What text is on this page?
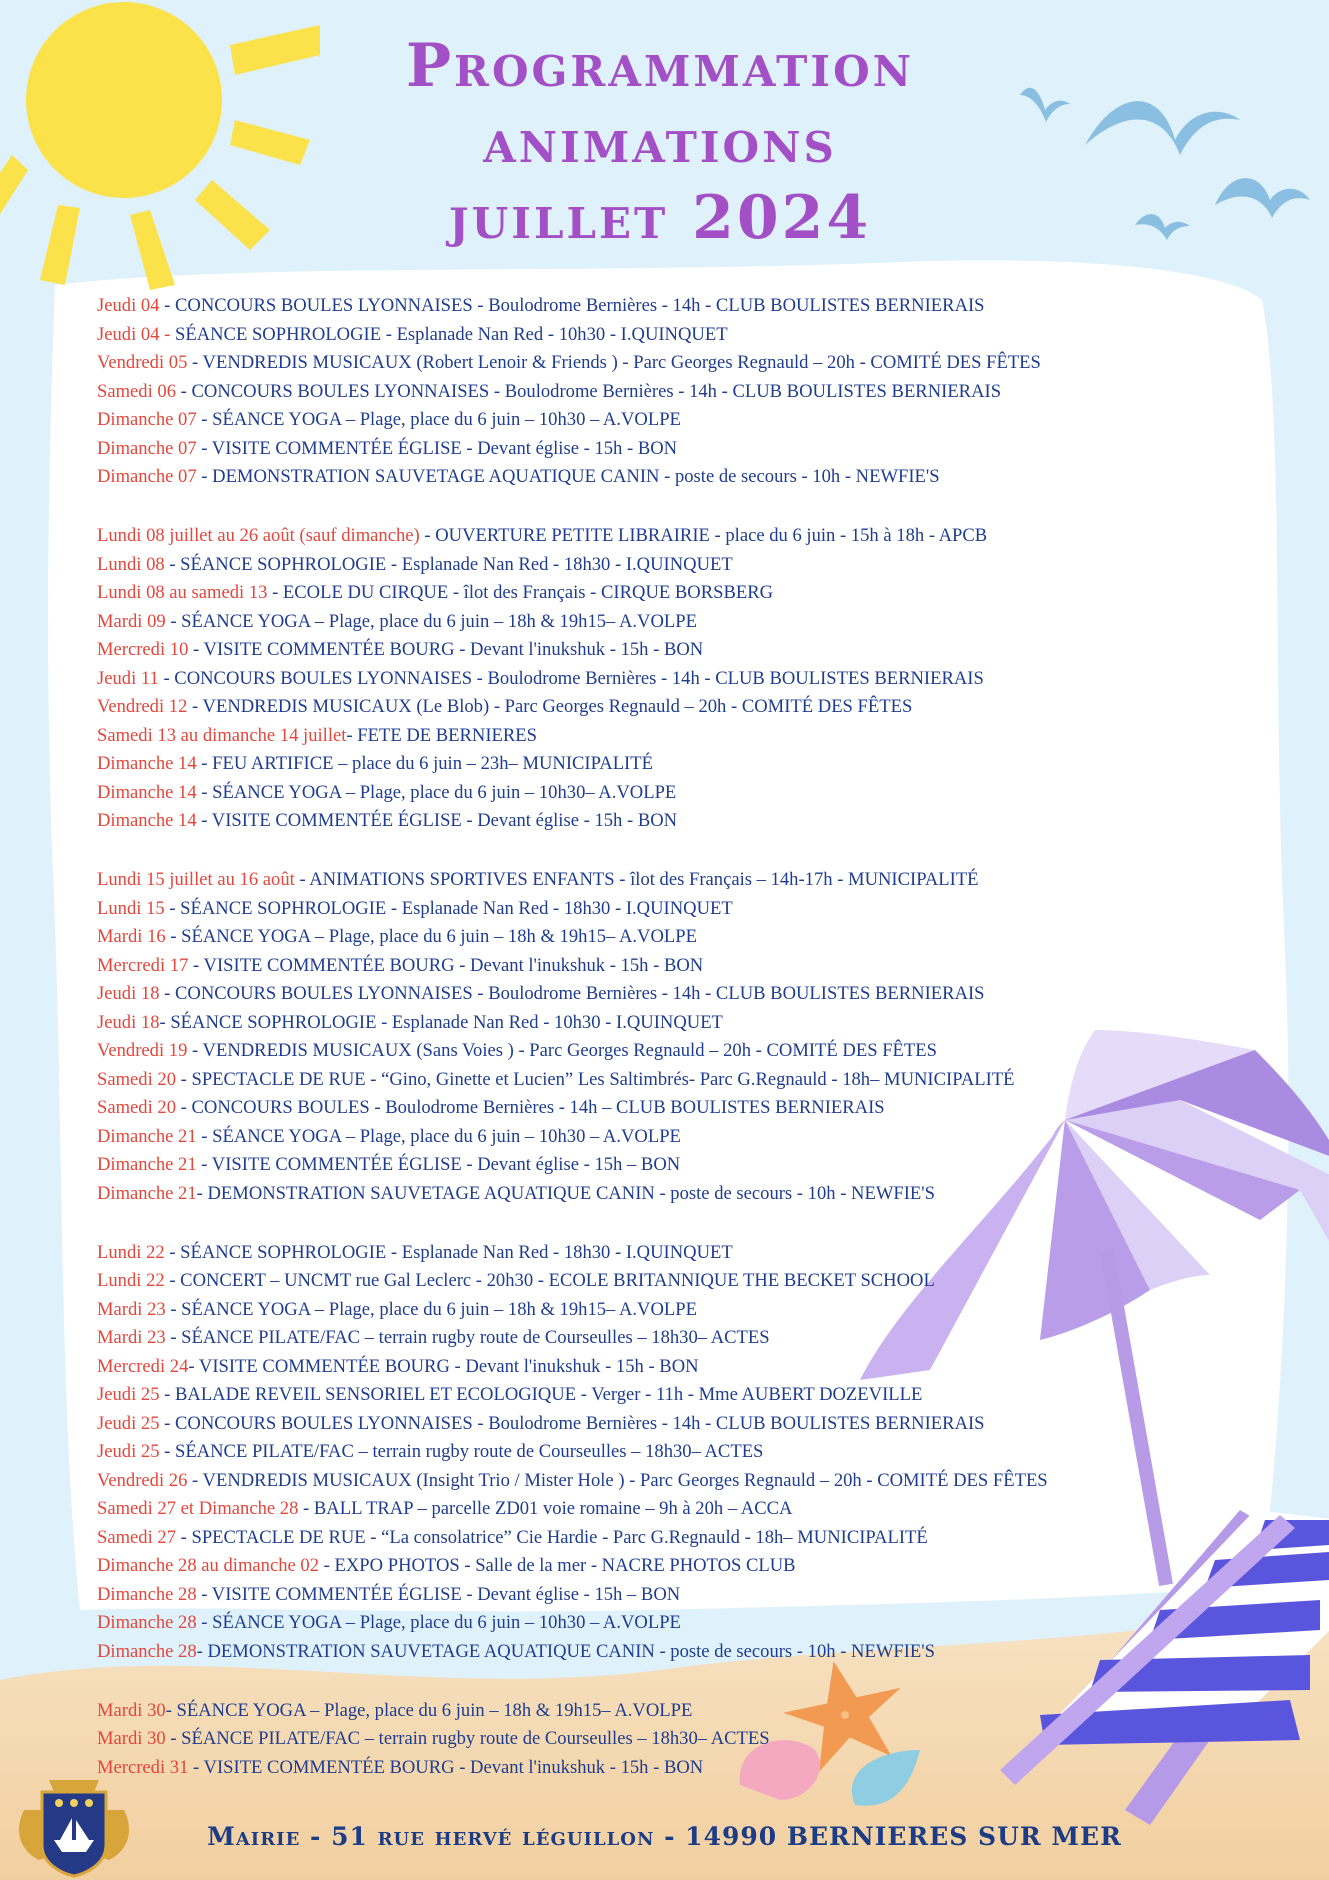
Programmation
animations
juillet 2024
Jeudi 04 - CONCOURS BOULES LYONNAISES - Boulodrome Bernières - 14h - CLUB BOULISTES BERNIERAIS
Jeudi 04 - SÉANCE SOPHROLOGIE - Esplanade Nan Red - 10h30 - I.QUINQUET
Vendredi 05 - VENDREDIS MUSICAUX (Robert Lenoir & Friends ) - Parc Georges Regnauld – 20h - COMITÉ DES FÊTES
Samedi 06 - CONCOURS BOULES LYONNAISES - Boulodrome Bernières - 14h - CLUB BOULISTES BERNIERAIS
Dimanche 07 - SÉANCE YOGA – Plage, place du 6 juin – 10h30 – A.VOLPE
Dimanche 07 - VISITE COMMENTÉE ÉGLISE - Devant église - 15h - BON
Dimanche 07 - DEMONSTRATION SAUVETAGE AQUATIQUE CANIN - poste de secours - 10h - NEWFIE'S
Lundi 08 juillet au 26 août (sauf dimanche) - OUVERTURE PETITE LIBRAIRIE - place du 6 juin - 15h à 18h - APCB
Lundi 08 - SÉANCE SOPHROLOGIE - Esplanade Nan Red - 18h30 - I.QUINQUET
Lundi 08 au samedi 13 - ECOLE DU CIRQUE - îlot des Français - CIRQUE BORSBERG
Mardi 09 - SÉANCE YOGA – Plage, place du 6 juin – 18h & 19h15– A.VOLPE
Mercredi 10 - VISITE COMMENTÉE BOURG - Devant l'inukshuk - 15h - BON
Jeudi 11 - CONCOURS BOULES LYONNAISES - Boulodrome Bernières - 14h - CLUB BOULISTES BERNIERAIS
Vendredi 12 - VENDREDIS MUSICAUX (Le Blob) - Parc Georges Regnauld – 20h - COMITÉ DES FÊTES
Samedi 13 au dimanche 14 juillet- FETE DE BERNIERES
Dimanche 14 - FEU ARTIFICE – place du 6 juin – 23h– MUNICIPALITÉ
Dimanche 14 - SÉANCE YOGA – Plage, place du 6 juin – 10h30– A.VOLPE
Dimanche 14 - VISITE COMMENTÉE ÉGLISE - Devant église - 15h - BON
Lundi 15 juillet au 16 août - ANIMATIONS SPORTIVES ENFANTS - îlot des Français – 14h-17h - MUNICIPALITÉ
Lundi 15 - SÉANCE SOPHROLOGIE - Esplanade Nan Red - 18h30 - I.QUINQUET
Mardi 16 - SÉANCE YOGA – Plage, place du 6 juin – 18h & 19h15– A.VOLPE
Mercredi 17 - VISITE COMMENTÉE BOURG - Devant l'inukshuk - 15h - BON
Jeudi 18 - CONCOURS BOULES LYONNAISES - Boulodrome Bernières - 14h - CLUB BOULISTES BERNIERAIS
Jeudi 18- SÉANCE SOPHROLOGIE - Esplanade Nan Red - 10h30 - I.QUINQUET
Vendredi 19 - VENDREDIS MUSICAUX (Sans Voies ) - Parc Georges Regnauld – 20h - COMITÉ DES FÊTES
Samedi 20 - SPECTACLE DE RUE - “Gino, Ginette et Lucien” Les Saltimbrés- Parc G.Regnauld - 18h– MUNICIPALITÉ
Samedi 20 - CONCOURS BOULES - Boulodrome Bernières - 14h – CLUB BOULISTES BERNIERAIS
Dimanche 21 - SÉANCE YOGA – Plage, place du 6 juin – 10h30 – A.VOLPE
Dimanche 21 - VISITE COMMENTÉE ÉGLISE - Devant église - 15h – BON
Dimanche 21- DEMONSTRATION SAUVETAGE AQUATIQUE CANIN - poste de secours - 10h - NEWFIE'S
Lundi 22 - SÉANCE SOPHROLOGIE - Esplanade Nan Red - 18h30 - I.QUINQUET
Lundi 22 - CONCERT – UNCMT rue Gal Leclerc - 20h30 - ECOLE BRITANNIQUE THE BECKET SCHOOL
Mardi 23 - SÉANCE YOGA – Plage, place du 6 juin – 18h & 19h15– A.VOLPE
Mardi 23 - SÉANCE PILATE/FAC – terrain rugby route de Courseulles – 18h30– ACTES
Mercredi 24- VISITE COMMENTÉE BOURG - Devant l'inukshuk - 15h - BON
Jeudi 25 - BALADE REVEIL SENSORIEL ET ECOLOGIQUE - Verger - 11h - Mme AUBERT DOZEVILLE
Jeudi 25 - CONCOURS BOULES LYONNAISES - Boulodrome Bernières - 14h - CLUB BOULISTES BERNIERAIS
Jeudi 25 - SÉANCE PILATE/FAC – terrain rugby route de Courseulles – 18h30– ACTES
Vendredi 26 - VENDREDIS MUSICAUX (Insight Trio / Mister Hole ) - Parc Georges Regnauld – 20h - COMITÉ DES FÊTES
Samedi 27 et Dimanche 28 - BALL TRAP – parcelle ZD01 voie romaine – 9h à 20h – ACCA
Samedi 27 - SPECTACLE DE RUE - “La consolatrice” Cie Hardie - Parc G.Regnauld - 18h– MUNICIPALITÉ
Dimanche 28 au dimanche 02 - EXPO PHOTOS - Salle de la mer - NACRE PHOTOS CLUB
Dimanche 28 - VISITE COMMENTÉE ÉGLISE - Devant église - 15h – BON
Dimanche 28 - SÉANCE YOGA – Plage, place du 6 juin – 10h30 – A.VOLPE
Dimanche 28- DEMONSTRATION SAUVETAGE AQUATIQUE CANIN - poste de secours - 10h - NEWFIE'S
Mardi 30- SÉANCE YOGA – Plage, place du 6 juin – 18h & 19h15– A.VOLPE
Mardi 30 - SÉANCE PILATE/FAC – terrain rugby route de Courseulles – 18h30– ACTES
Mercredi 31 - VISITE COMMENTÉE BOURG - Devant l'inukshuk - 15h - BON
Mairie - 51 rue hervé léguillon - 14990 BERNIERES SUR MER
